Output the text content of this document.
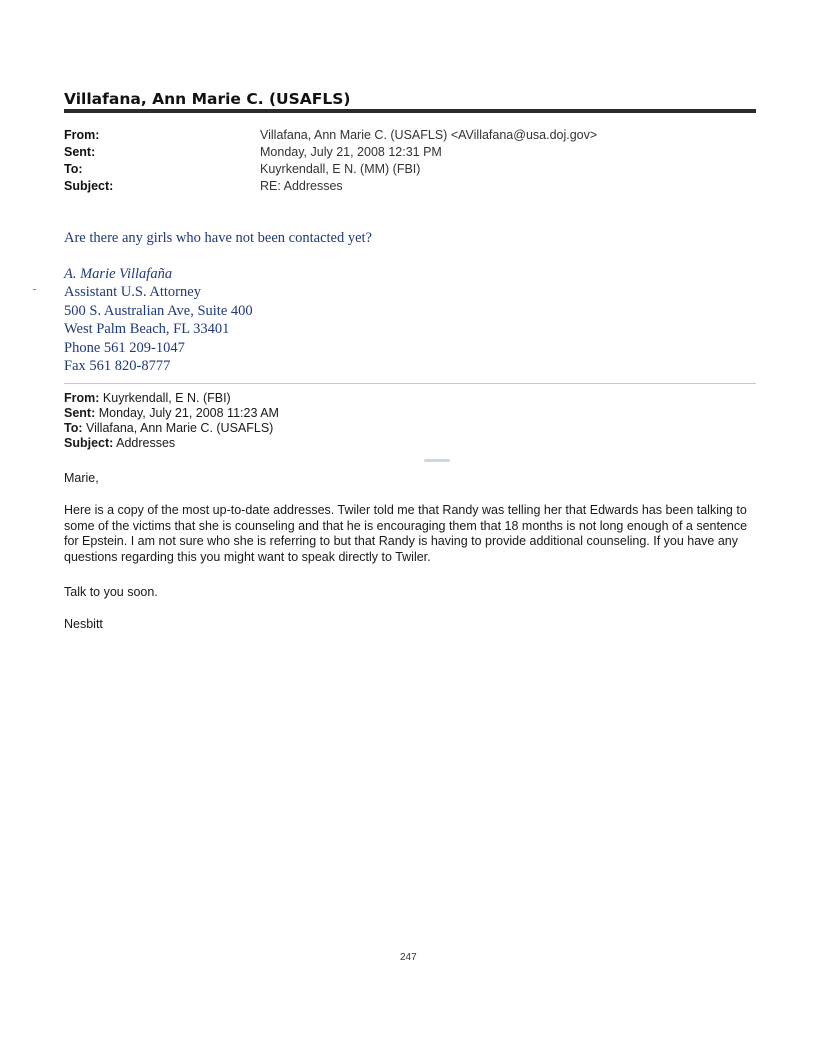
Villafana, Ann Marie C. (USAFLS)
From:	Villafana, Ann Marie C. (USAFLS) <AVillafana@usa.doj.gov>
Sent:	Monday, July 21, 2008 12:31 PM
To:	Kuyrkendall, E N. (MM) (FBI)
Subject:	RE: Addresses
Are there any girls who have not been contacted yet?
A. Marie Villafaña
Assistant U.S. Attorney
500 S. Australian Ave, Suite 400
West Palm Beach, FL 33401
Phone 561 209-1047
Fax 561 820-8777
From: Kuyrkendall, E N. (FBI)
Sent: Monday, July 21, 2008 11:23 AM
To: Villafana, Ann Marie C. (USAFLS)
Subject: Addresses
Marie,
Here is a copy of the most up-to-date addresses. Twiler told me that Randy was telling her that Edwards has been talking to some of the victims that she is counseling and that he is encouraging them that 18 months is not long enough of a sentence for Epstein. I am not sure who she is referring to but that Randy is having to provide additional counseling. If you have any questions regarding this you might want to speak directly to Twiler.
Talk to you soon.
Nesbitt
247
